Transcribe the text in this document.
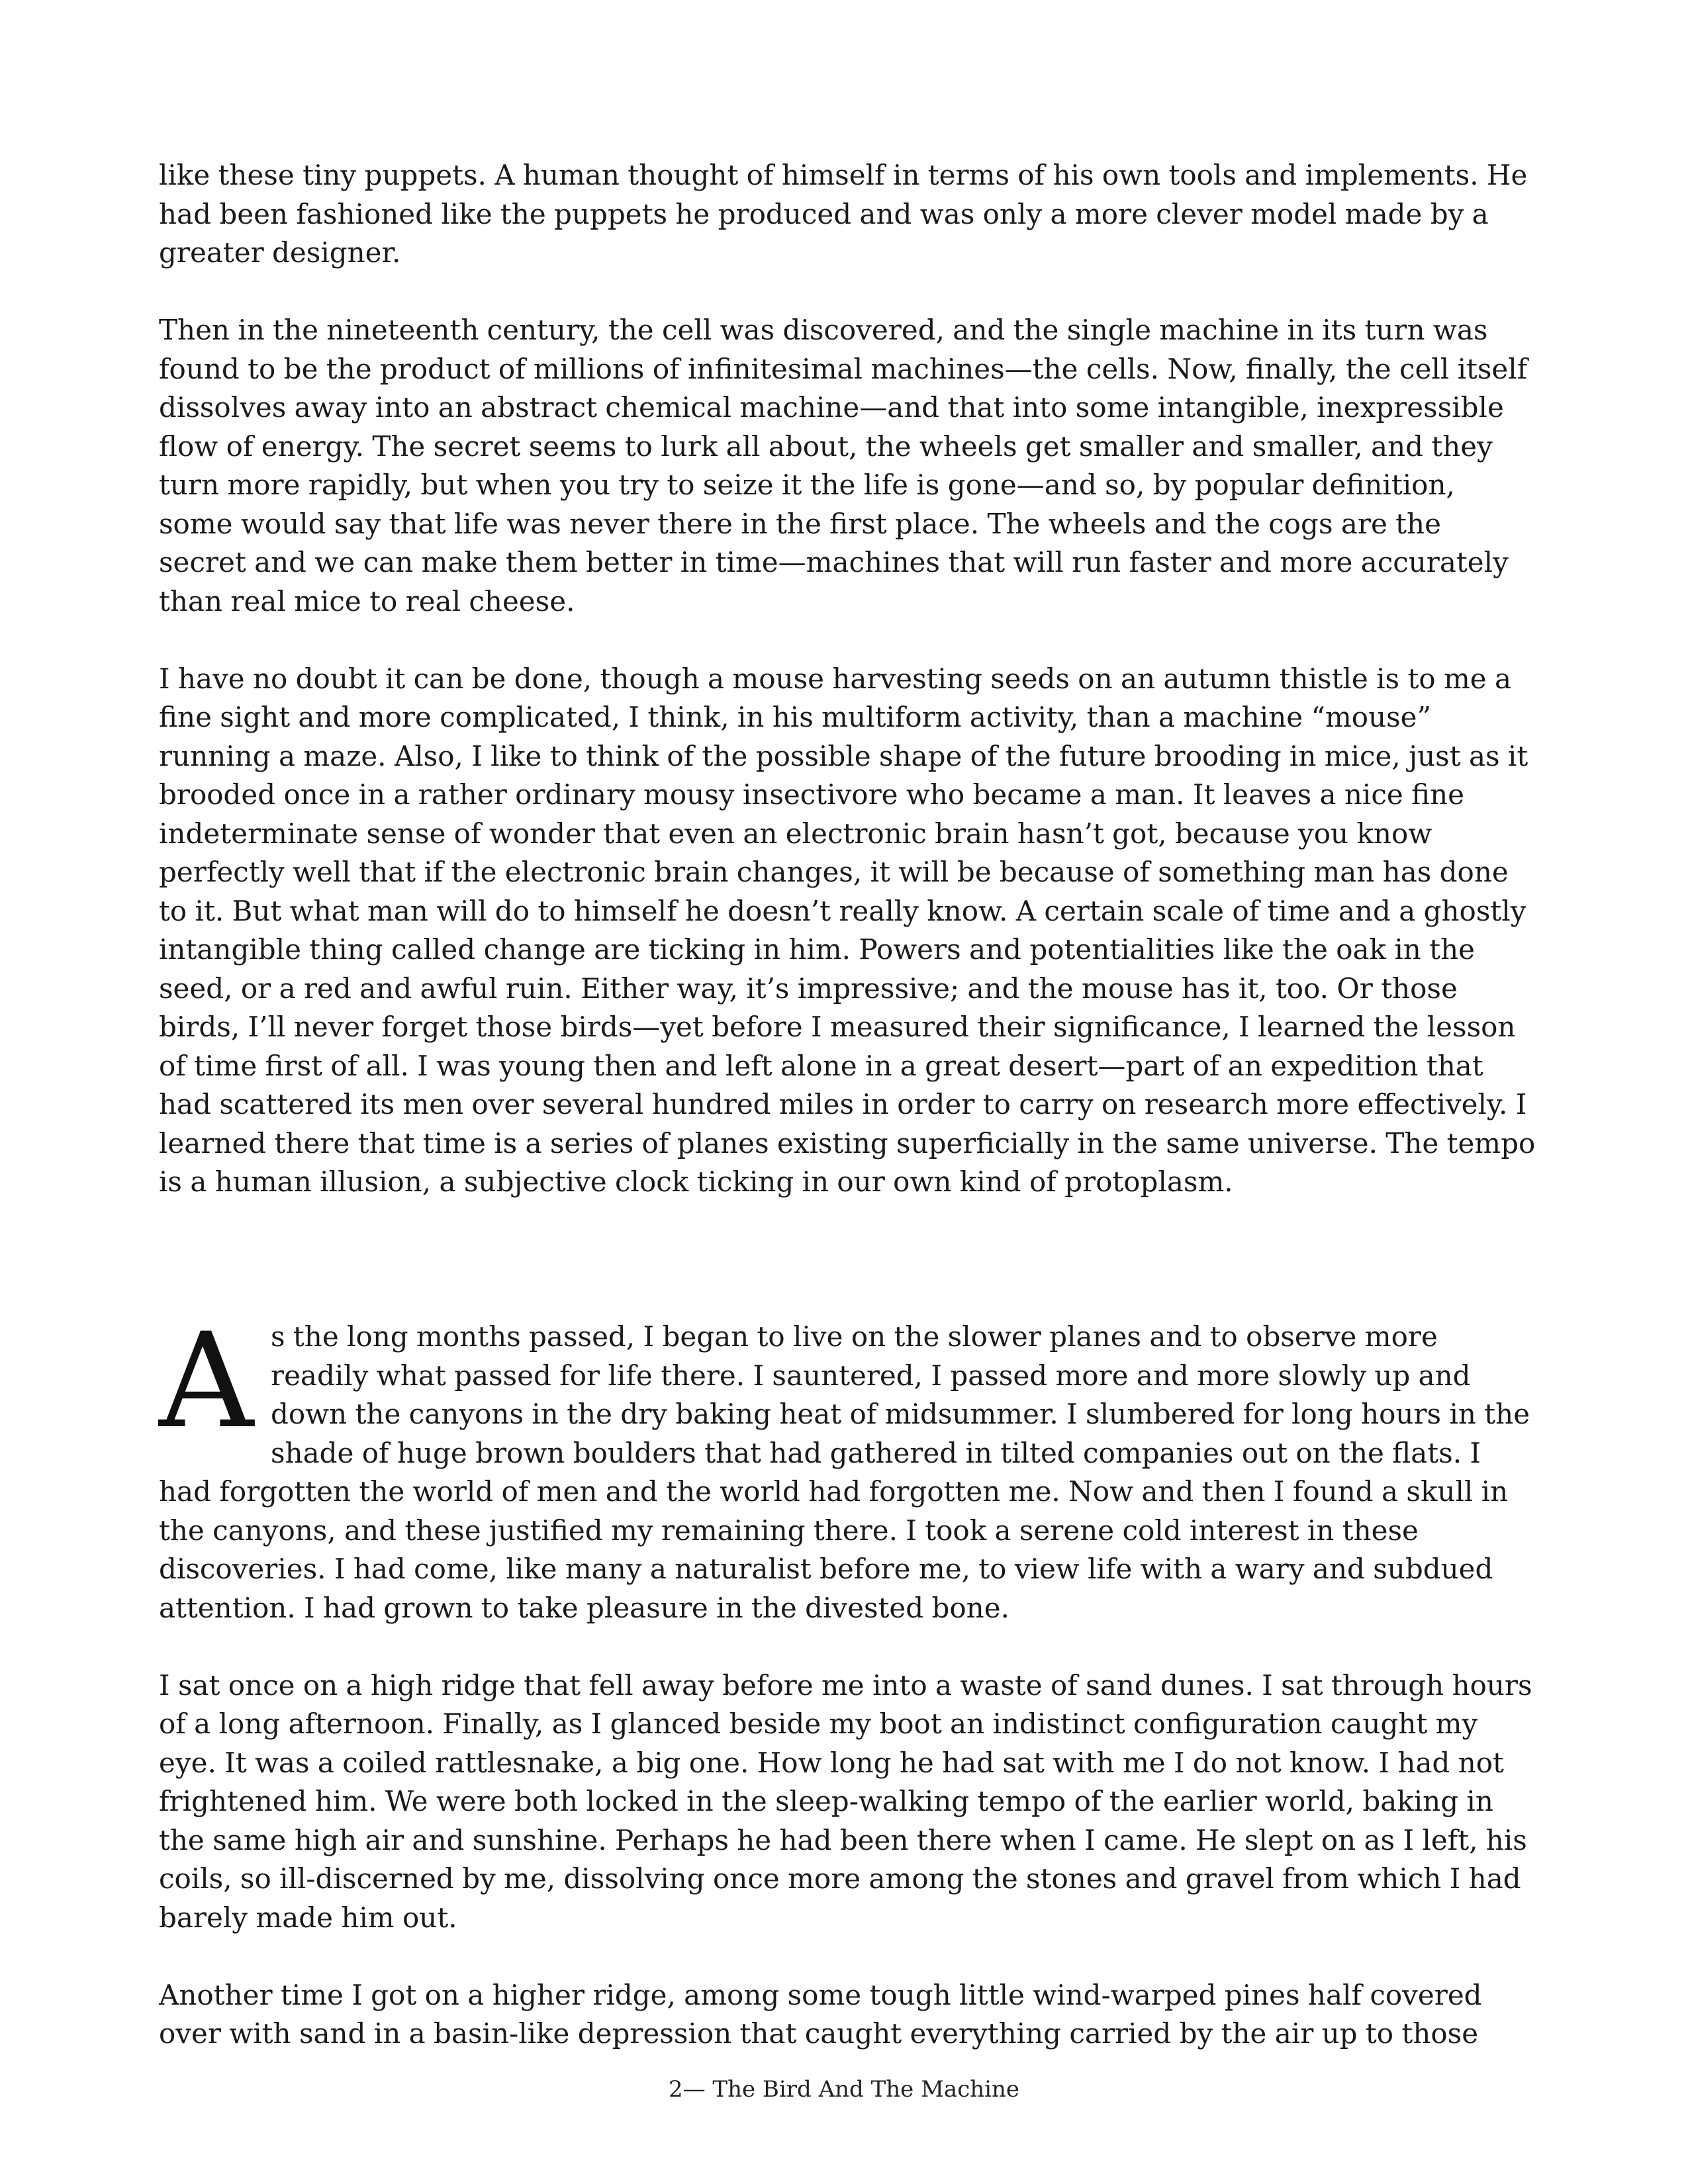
like these tiny puppets. A human thought of himself in terms of his own tools and implements. He had been fashioned like the puppets he produced and was only a more clever model made by a greater designer.

Then in the nineteenth century, the cell was discovered, and the single machine in its turn was found to be the product of millions of infinitesimal machines—the cells. Now, finally, the cell itself dissolves away into an abstract chemical machine—and that into some intangible, inexpressible flow of energy. The secret seems to lurk all about, the wheels get smaller and smaller, and they turn more rapidly, but when you try to seize it the life is gone—and so, by popular definition, some would say that life was never there in the first place. The wheels and the cogs are the secret and we can make them better in time—machines that will run faster and more accurately than real mice to real cheese.

I have no doubt it can be done, though a mouse harvesting seeds on an autumn thistle is to me a fine sight and more complicated, I think, in his multiform activity, than a machine “mouse” running a maze. Also, I like to think of the possible shape of the future brooding in mice, just as it brooded once in a rather ordinary mousy insectivore who became a man. It leaves a nice fine indeterminate sense of wonder that even an electronic brain hasn’t got, because you know perfectly well that if the electronic brain changes, it will be because of something man has done to it. But what man will do to himself he doesn’t really know. A certain scale of time and a ghostly intangible thing called change are ticking in him. Powers and potentialities like the oak in the seed, or a red and awful ruin. Either way, it’s impressive; and the mouse has it, too. Or those birds, I’ll never forget those birds—yet before I measured their significance, I learned the lesson of time first of all. I was young then and left alone in a great desert—part of an expedition that had scattered its men over several hundred miles in order to carry on research more effectively. I learned there that time is a series of planes existing superficially in the same universe. The tempo is a human illusion, a subjective clock ticking in our own kind of protoplasm.

As the long months passed, I began to live on the slower planes and to observe more readily what passed for life there. I sauntered, I passed more and more slowly up and down the canyons in the dry baking heat of midsummer. I slumbered for long hours in the shade of huge brown boulders that had gathered in tilted companies out on the flats. I had forgotten the world of men and the world had forgotten me. Now and then I found a skull in the canyons, and these justified my remaining there. I took a serene cold interest in these discoveries. I had come, like many a naturalist before me, to view life with a wary and subdued attention. I had grown to take pleasure in the divested bone.

I sat once on a high ridge that fell away before me into a waste of sand dunes. I sat through hours of a long afternoon. Finally, as I glanced beside my boot an indistinct configuration caught my eye. It was a coiled rattlesnake, a big one. How long he had sat with me I do not know. I had not frightened him. We were both locked in the sleep-walking tempo of the earlier world, baking in the same high air and sunshine. Perhaps he had been there when I came. He slept on as I left, his coils, so ill-discerned by me, dissolving once more among the stones and gravel from which I had barely made him out.

Another time I got on a higher ridge, among some tough little wind-warped pines half covered over with sand in a basin-like depression that caught everything carried by the air up to those

2— The Bird And The Machine
